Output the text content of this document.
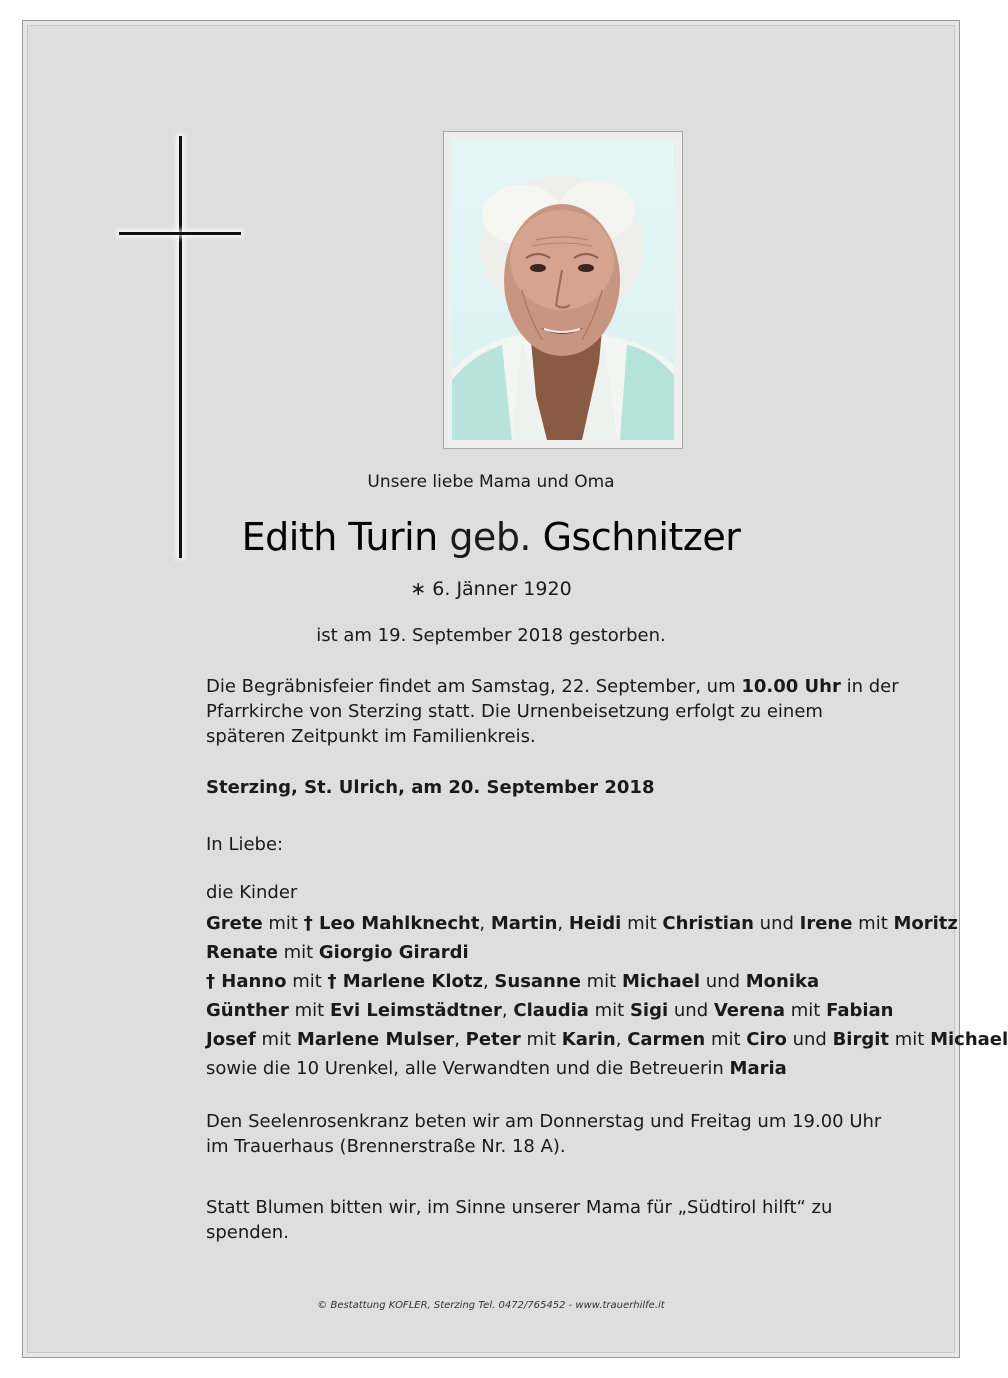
Unsere liebe Mama und Oma
Edith Turin geb. Gschnitzer
∗ 6. Jänner 1920
ist am 19. September 2018 gestorben.
Die Begräbnisfeier findet am Samstag, 22. September, um 10.00 Uhr in der Pfarrkirche von Sterzing statt. Die Urnenbeisetzung erfolgt zu einem späteren Zeitpunkt im Familienkreis.
Sterzing, St. Ulrich, am 20. September 2018
In Liebe:
die Kinder
Grete mit † Leo Mahlknecht, Martin, Heidi mit Christian und Irene mit Moritz
Renate mit Giorgio Girardi
† Hanno mit † Marlene Klotz, Susanne mit Michael und Monika
Günther mit Evi Leimstädtner, Claudia mit Sigi und Verena mit Fabian
Josef mit Marlene Mulser, Peter mit Karin, Carmen mit Ciro und Birgit mit Michael
sowie die 10 Urenkel, alle Verwandten und die Betreuerin Maria
Den Seelenrosenkranz beten wir am Donnerstag und Freitag um 19.00 Uhr im Trauerhaus (Brennerstraße Nr. 18 A).
Statt Blumen bitten wir, im Sinne unserer Mama für „Südtirol hilft“ zu spenden.
© Bestattung KOFLER, Sterzing Tel. 0472/765452 - www.trauerhilfe.it
